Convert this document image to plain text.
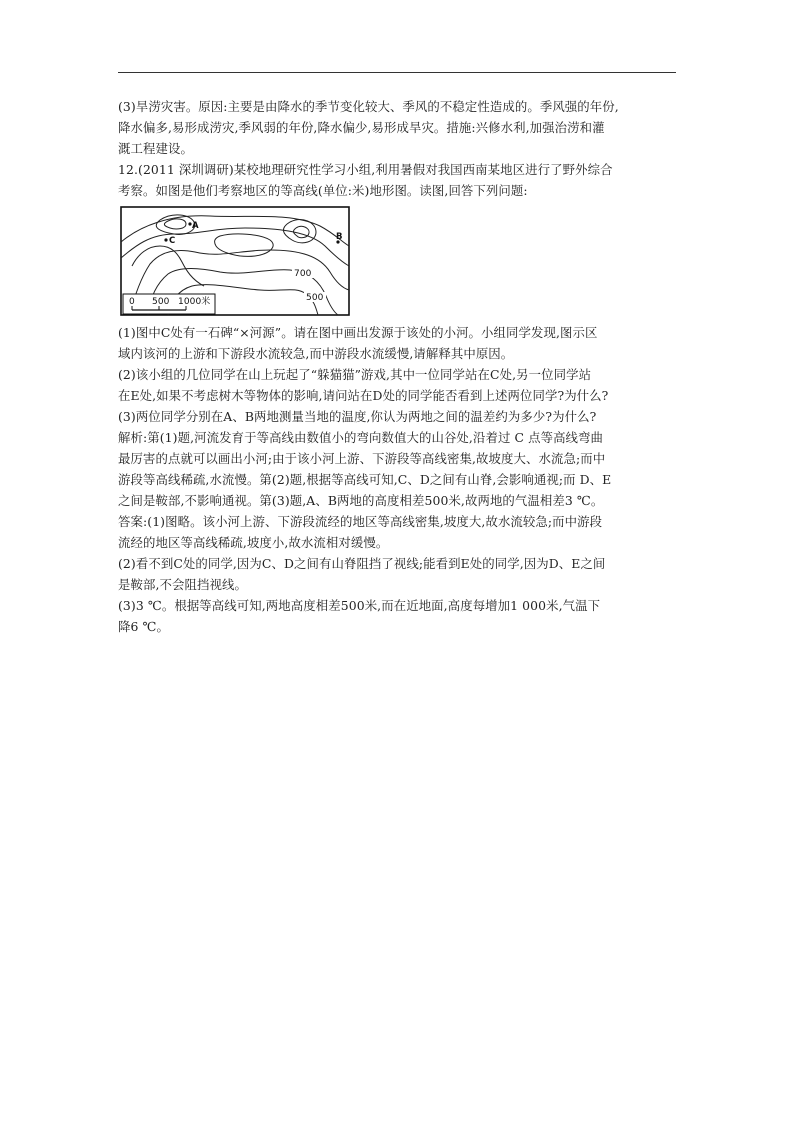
(3)旱涝灾害。原因:主要是由降水的季节变化较大、季风的不稳定性造成的。季风强的年份,

降水偏多,易形成涝灾,季风弱的年份,降水偏少,易形成旱灾。措施:兴修水利,加强治涝和灌

溉工程建设。

12.(2011 深圳调研)某校地理研究性学习小组,利用暑假对我国西南某地区进行了野外综合

考察。如图是他们考察地区的等高线(单位:米)地形图。读图,回答下列问题:

A
C	B
700
500
0 500 1000米

(1)图中C处有一石碑“×河源”。请在图中画出发源于该处的小河。小组同学发现,图示区

域内该河的上游和下游段水流较急,而中游段水流缓慢,请解释其中原因。

(2)该小组的几位同学在山上玩起了“躲猫猫”游戏,其中一位同学站在C处,另一位同学站

在E处,如果不考虑树木等物体的影响,请问站在D处的同学能否看到上述两位同学?为什么?

(3)两位同学分别在A、B两地测量当地的温度,你认为两地之间的温差约为多少?为什么?

解析:第(1)题,河流发育于等高线由数值小的弯向数值大的山谷处,沿着过 C 点等高线弯曲

最厉害的点就可以画出小河;由于该小河上游、下游段等高线密集,故坡度大、水流急;而中

游段等高线稀疏,水流慢。第(2)题,根据等高线可知,C、D之间有山脊,会影响通视;而 D、E

之间是鞍部,不影响通视。第(3)题,A、B两地的高度相差500米,故两地的气温相差3 ℃。

答案:(1)图略。该小河上游、下游段流经的地区等高线密集,坡度大,故水流较急;而中游段

流经的地区等高线稀疏,坡度小,故水流相对缓慢。

(2)看不到C处的同学,因为C、D之间有山脊阻挡了视线;能看到E处的同学,因为D、E之间

是鞍部,不会阻挡视线。

(3)3 ℃。根据等高线可知,两地高度相差500米,而在近地面,高度每增加1 000米,气温下

降6 ℃。
